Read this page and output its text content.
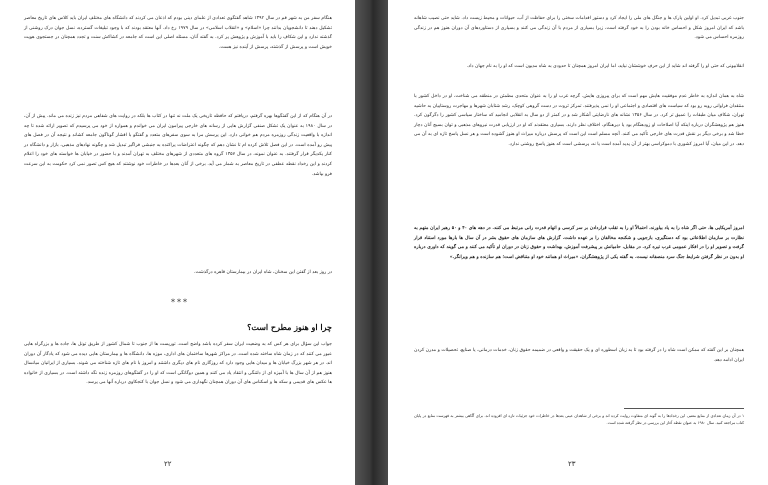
هنگام سفر من به شهر قم در سال ۱۳۹۲ شاهد گفتگوی تعدادی از علمای دینی بودم که اذعان می کردند که دانشگاه های مختلف ایران باید کلاس های تاریخ معاصر تشکیل دهند تا دانشجویان بدانند چرا «اسلام» و «انقلاب اسلامی» در سال ۱۹۷۹ رخ داد. آنها معتقد بودند که با وجود تبلیغات گسترده، نسل جوان درک روشنی از گذشته ندارد و این شکاف را باید با آموزش و پژوهش پر کرد. به گفته آنان، مسئله اصلی این است که جامعه در کشاکش سنت و تجدد همچنان در جستجوی هویت خویش است و پرسش از گذشته، پرسش از آینده نیز هست.
در آن هنگام که از این گفتگوها بهره گرفتم، دریافتم که حافظه تاریخی یک ملت نه تنها در کتاب ها بلکه در روایت های شفاهی مردم نیز زنده می ماند. پیش از آن، در سال ۱۹۸۰ به عنوان یک تشکل صنفی گزارش هایی از رسانه های خارجی پیرامون ایران می خواندم و همواره از خود می پرسیدم که تصویر ارائه شده تا چه اندازه با واقعیت زندگی روزمره مردم هم خوانی دارد. این پرسش مرا به سوی سفرهای متعدد و گفتگو با اقشار گوناگون جامعه کشاند و نتیجه آن در فصل های پیش رو آمده است. در این فصل تلاش کرده ام تا نشان دهم که چگونه اعتراضات پراکنده به جنبشی فراگیر تبدیل شد و چگونه نهادهای مذهبی، بازار و دانشگاه در کنار یکدیگر قرار گرفتند. به عنوان نمونه، در سال ۱۳۵۷ گروه های متعددی از شهرهای مختلف به تهران آمدند و با حضور در خیابان ها خواسته های خود را اعلام کردند و این رخداد نقطه عطفی در تاریخ معاصر به شمار می آید. برخی از آنان بعدها در خاطرات خود نوشتند که هیچ کس تصور نمی کرد حکومت به این سرعت فرو بپاشد.
در روز بعد از گفتن این سخنان، شاه ایران در بیمارستان قاهره درگذشت.
***
چرا او هنوز مطرح است؟
جواب این سؤال برای هر کس که به وضعیت ایران سفر کرده باشد واضح است. توریست ها از جنوب تا شمال کشور از طریق تونل ها، جاده ها و بزرگراه هایی عبور می کنند که در زمان شاه ساخته شده است. در مراکز شهرها ساختمان های اداری، موزه ها، دانشگاه ها و بیمارستان هایی دیده می شود که یادگار آن دوران اند. در هر شهر بزرگ خیابان ها و میدان هایی وجود دارد که روزگاری نام های دیگری داشتند و امروز با نام های تازه شناخته می شوند. بسیاری از ایرانیان میانسال هنوز هم از آن سال ها با آمیزه ای از دلتنگی و انتقاد یاد می کنند و همین دوگانگی است که او را در گفتگوهای روزمره زنده نگه داشته است. در بسیاری از خانواده ها عکس های قدیمی و سکه ها و اسکناس های آن دوران همچنان نگهداری می شود و نسل جوان با کنجکاوی درباره آنها می پرسد.
۲۲
جنوب غربی تبدیل کرد. او اولین پارک ها و جنگل های ملی را ایجاد کرد و دستور اقدامات سختی را برای حفاظت از آب، حیوانات و محیط زیست داد. شاید حتی نصیب شاهانه باشد که ایران امروز شکل و احساس خانه بودن را به خود گرفته است، زیرا بسیاری از مردم با آن زندگی می کنند و بسیاری از دستاوردهای آن دوران هنوز هم در زندگی روزمره احساس می شود.
انقلابیونی که حتی او را گرفته اند شاید از این حرف خوششان نیاید، اما ایران امروز همچنان تا حدودی به شاه مدیون است که او را به نام جهان داد.
شاه به همان اندازه به خاطر عدم موفقیت هایش مهم است که برای پیروزی هایش. گرچه غرب او را به عنوان متحدی مطمئن در منطقه می شناخت، او در داخل کشور با منتقدان فراوانی روبه رو بود که سیاست های اقتصادی و اجتماعی او را نمی پذیرفتند. تمرکز ثروت در دست گروهی کوچک، رشد شتابان شهرها و مهاجرت روستاییان به حاشیه تهران، شکاف میان طبقات را عمیق تر کرد. در سال ۱۳۵۶ نشانه های نارضایتی آشکار شد و در کمتر از دو سال به انقلابی انجامید که ساختار سیاسی کشور را دگرگون کرد. هنوز هم پژوهشگران درباره اینکه آیا اصلاحات او زودهنگام بود یا دیرهنگام، اختلاف نظر دارند. بسیاری معتقدند که او در ارزیابی قدرت نیروهای مذهبی و توان بسیج آنان دچار خطا شد و برخی دیگر بر نقش قدرت های خارجی تأکید می کنند. آنچه مسلم است این است که پرسش درباره میراث او هنوز گشوده است و هر نسل پاسخ تازه ای به آن می دهد. در این میان، آیا امروز کشوری با دموکراسی بهتر از آن پدید آمده است یا نه، پرسشی است که هنوز پاسخ روشنی ندارد.
امروز آمریکایی ها، حتی اگر شاه را به یاد بیاورند، احتمالاً او را به تقلب قراردادن بر سر کرسی و اتهام قدرت رانی مرتبط می کنند. در دهه های ۴۰ و ۵۰ رهبر ایران متهم به نظارت بر سازمان اطلاعاتی بود که دستگیری، بازجویی و شکنجه مخالفان را بر عهده داشت. گزارش های سازمان های حقوق بشر در آن سال ها بارها مورد استناد قرار گرفت و تصویر او را در افکار عمومی غرب تیره کرد. در مقابل، حامیانش بر پیشرفت آموزش، بهداشت و حقوق زنان در دوران او تأکید می کنند و می گویند که داوری درباره او بدون در نظر گرفتن شرایط جنگ سرد منصفانه نیست. به گفته یکی از پژوهشگران، «میراث او همانند خود او متناقض است؛ هم سازنده و هم ویرانگر.»
همچنان بر این گفته که ممکن است شاه را در گرفته بود تا به زبان اسطوره ای و یک حقیقت و واقعی در ضمیمه حقوق زنان، خدمات درمانی، یا صنایع، تحصیلات و مدرن کردن ایران ادامه دهد.
۱ در آن زمان تعدادی از منابع معتبر، این رخدادها را به گونه ای متفاوت روایت کرده اند و برخی از شاهدان عینی بعدها در خاطرات خود جزئیات تازه ای افزوده اند. برای آگاهی بیشتر به فهرست منابع در پایان کتاب مراجعه کنید. سال ۱۹۸۰ به عنوان نقطه آغاز این بررسی در نظر گرفته شده است.
۲۳
